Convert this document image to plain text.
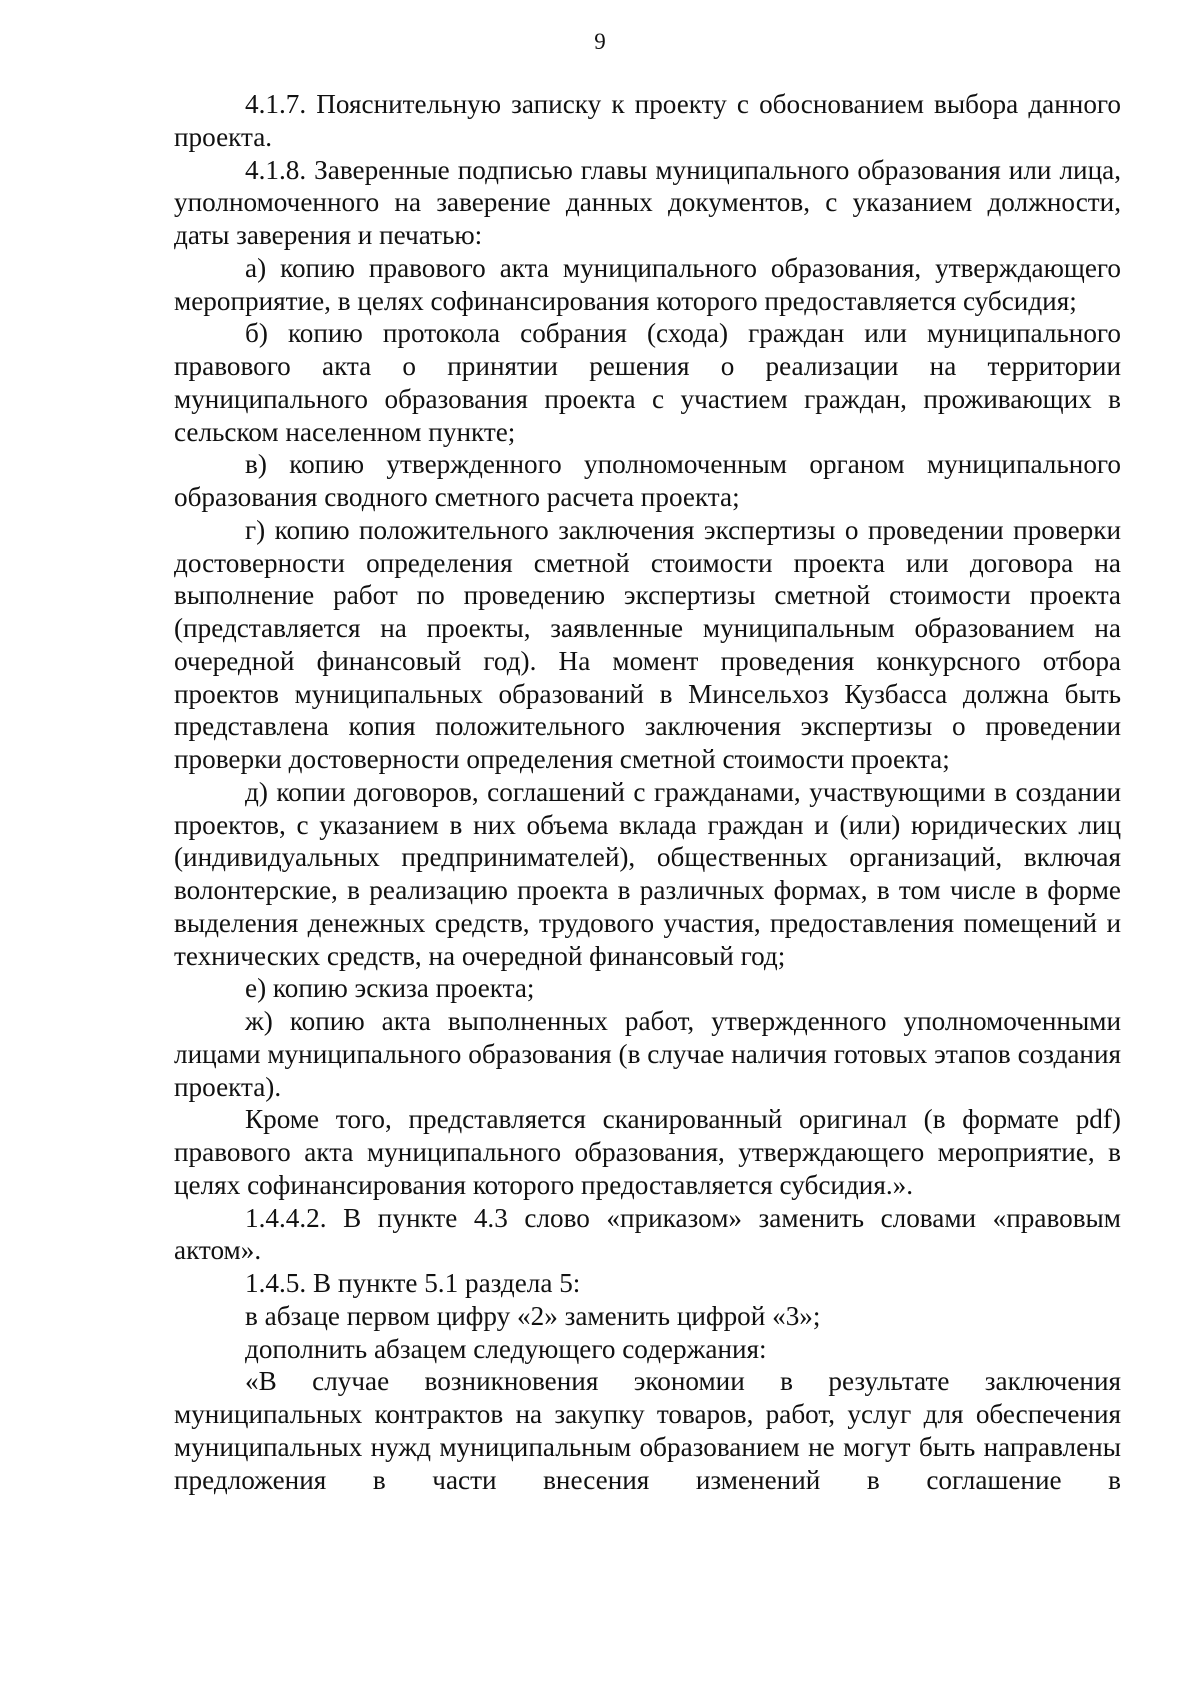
9

4.1.7. Пояснительную записку к проекту с обоснованием выбора данного проекта.

4.1.8. Заверенные подписью главы муниципального образования или лица, уполномоченного на заверение данных документов, с указанием должности, даты заверения и печатью:

а) копию правового акта муниципального образования, утверждающего мероприятие, в целях софинансирования которого предоставляется субсидия;

б) копию протокола собрания (схода) граждан или муниципального правового акта о принятии решения о реализации на территории муниципального образования проекта с участием граждан, проживающих в сельском населенном пункте;

в) копию утвержденного уполномоченным органом муниципального образования сводного сметного расчета проекта;

г) копию положительного заключения экспертизы о проведении проверки достоверности определения сметной стоимости проекта или договора на выполнение работ по проведению экспертизы сметной стоимости проекта (представляется на проекты, заявленные муниципальным образованием на очередной финансовый год). На момент проведения конкурсного отбора проектов муниципальных образований в Минсельхоз Кузбасса должна быть представлена копия положительного заключения экспертизы о проведении проверки достоверности определения сметной стоимости проекта;

д) копии договоров, соглашений с гражданами, участвующими в создании проектов, с указанием в них объема вклада граждан и (или) юридических лиц (индивидуальных предпринимателей), общественных организаций, включая волонтерские, в реализацию проекта в различных формах, в том числе в форме выделения денежных средств, трудового участия, предоставления помещений и технических средств, на очередной финансовый год;

е) копию эскиза проекта;

ж) копию акта выполненных работ, утвержденного уполномоченными лицами муниципального образования (в случае наличия готовых этапов создания проекта).

Кроме того, представляется сканированный оригинал (в формате pdf) правового акта муниципального образования, утверждающего мероприятие, в целях софинансирования которого предоставляется субсидия.».

1.4.4.2. В пункте 4.3 слово «приказом» заменить словами «правовым актом».

1.4.5. В пункте 5.1 раздела 5:

в абзаце первом цифру «2» заменить цифрой «3»;

дополнить абзацем следующего содержания:

«В случае возникновения экономии в результате заключения муниципальных контрактов на закупку товаров, работ, услуг для обеспечения муниципальных нужд муниципальным образованием не могут быть направлены предложения в части внесения изменений в соглашение в
